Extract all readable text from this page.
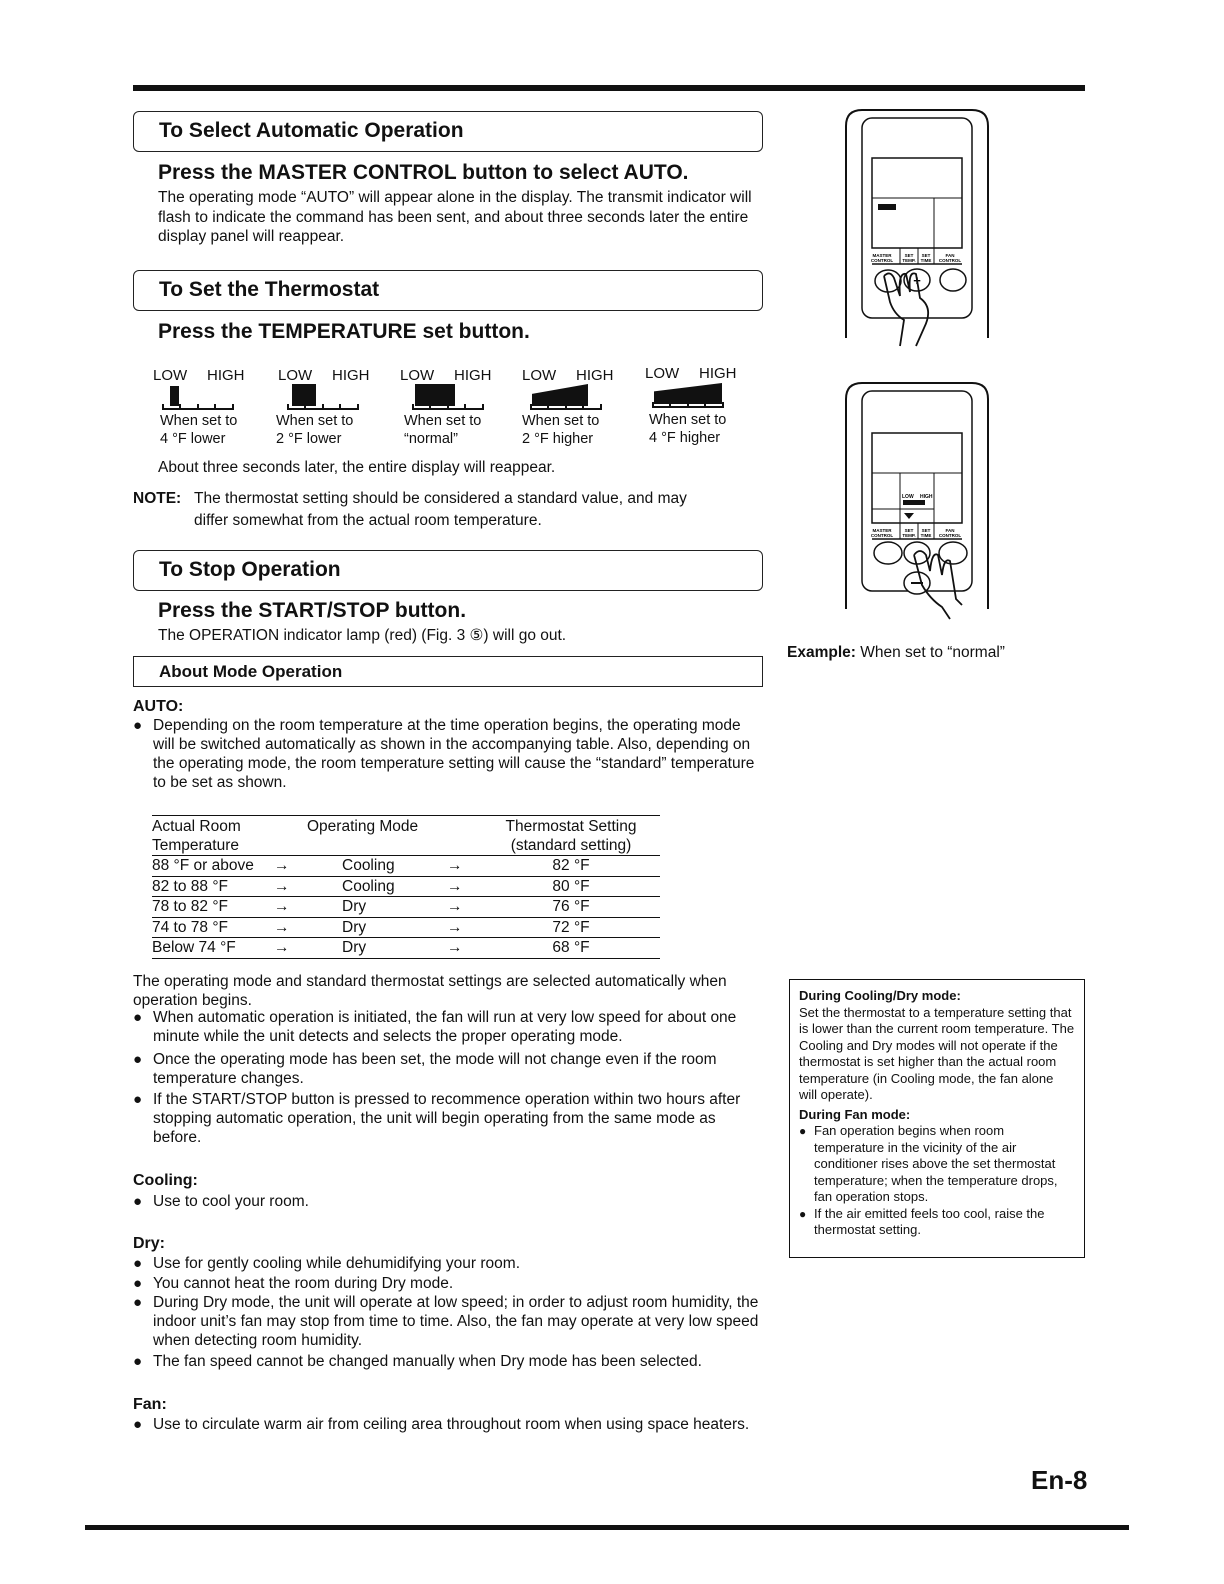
To Select Automatic Operation
Press the MASTER CONTROL button to select AUTO.
The operating mode “AUTO” will appear alone in the display. The transmit indicator will flash to indicate the command has been sent, and about three seconds later the entire display panel will reappear.
To Set the Thermostat
Press the TEMPERATURE set button.
LOW HIGH
When set to
4 °F lower
LOW HIGH
When set to
2 °F lower
LOW HIGH
When set to
“normal”
LOW HIGH
When set to
2 °F higher
LOW HIGH
When set to
4 °F higher
About three seconds later, the entire display will reappear.
NOTE: The thermostat setting should be considered a standard value, and may
differ somewhat from the actual room temperature.
To Stop Operation
Press the START/STOP button.
The OPERATION indicator lamp (red) (Fig. 3 ⑤) will go out.
About Mode Operation
AUTO:
● Depending on the room temperature at the time operation begins, the operating mode will be switched automatically as shown in the accompanying table. Also, depending on the operating mode, the room temperature setting will cause the “standard” temperature to be set as shown.
Actual Room
Temperature	Operating Mode	Thermostat Setting
(standard setting)
88 °F or above →	Cooling →	82 °F
82 to 88 °F →	Cooling →	80 °F
78 to 82 °F →	Dry →	76 °F
74 to 78 °F →	Dry →	72 °F
Below 74 °F →	Dry →	68 °F
The operating mode and standard thermostat settings are selected automatically when operation begins.
● When automatic operation is initiated, the fan will run at very low speed for about one minute while the unit detects and selects the proper operating mode.
● Once the operating mode has been set, the mode will not change even if the room temperature changes.
● If the START/STOP button is pressed to recommence operation within two hours after stopping automatic operation, the unit will begin operating from the same mode as before.
Cooling:
● Use to cool your room.
Dry:
● Use for gently cooling while dehumidifying your room.
● You cannot heat the room during Dry mode.
● During Dry mode, the unit will operate at low speed; in order to adjust room humidity, the indoor unit’s fan may stop from time to time. Also, the fan may operate at very low speed when detecting room humidity.
● The fan speed cannot be changed manually when Dry mode has been selected.
Fan:
● Use to circulate warm air from ceiling area throughout room when using space heaters.
MASTER
CONTROL
SET
TEMP.
SET
TIME
FAN
CONTROL
+
LOW HIGH
MASTER
CONTROL
SET
TEMP.
SET
TIME
FAN
CONTROL
Example: When set to “normal”
During Cooling/Dry mode:
Set the thermostat to a temperature setting that is lower than the current room temperature. The Cooling and Dry modes will not operate if the thermostat is set higher than the actual room temperature (in Cooling mode, the fan alone will operate).
During Fan mode:
● Fan operation begins when room temperature in the vicinity of the air conditioner rises above the set thermostat temperature; when the temperature drops, fan operation stops.
● If the air emitted feels too cool, raise the thermostat setting.
En-8
